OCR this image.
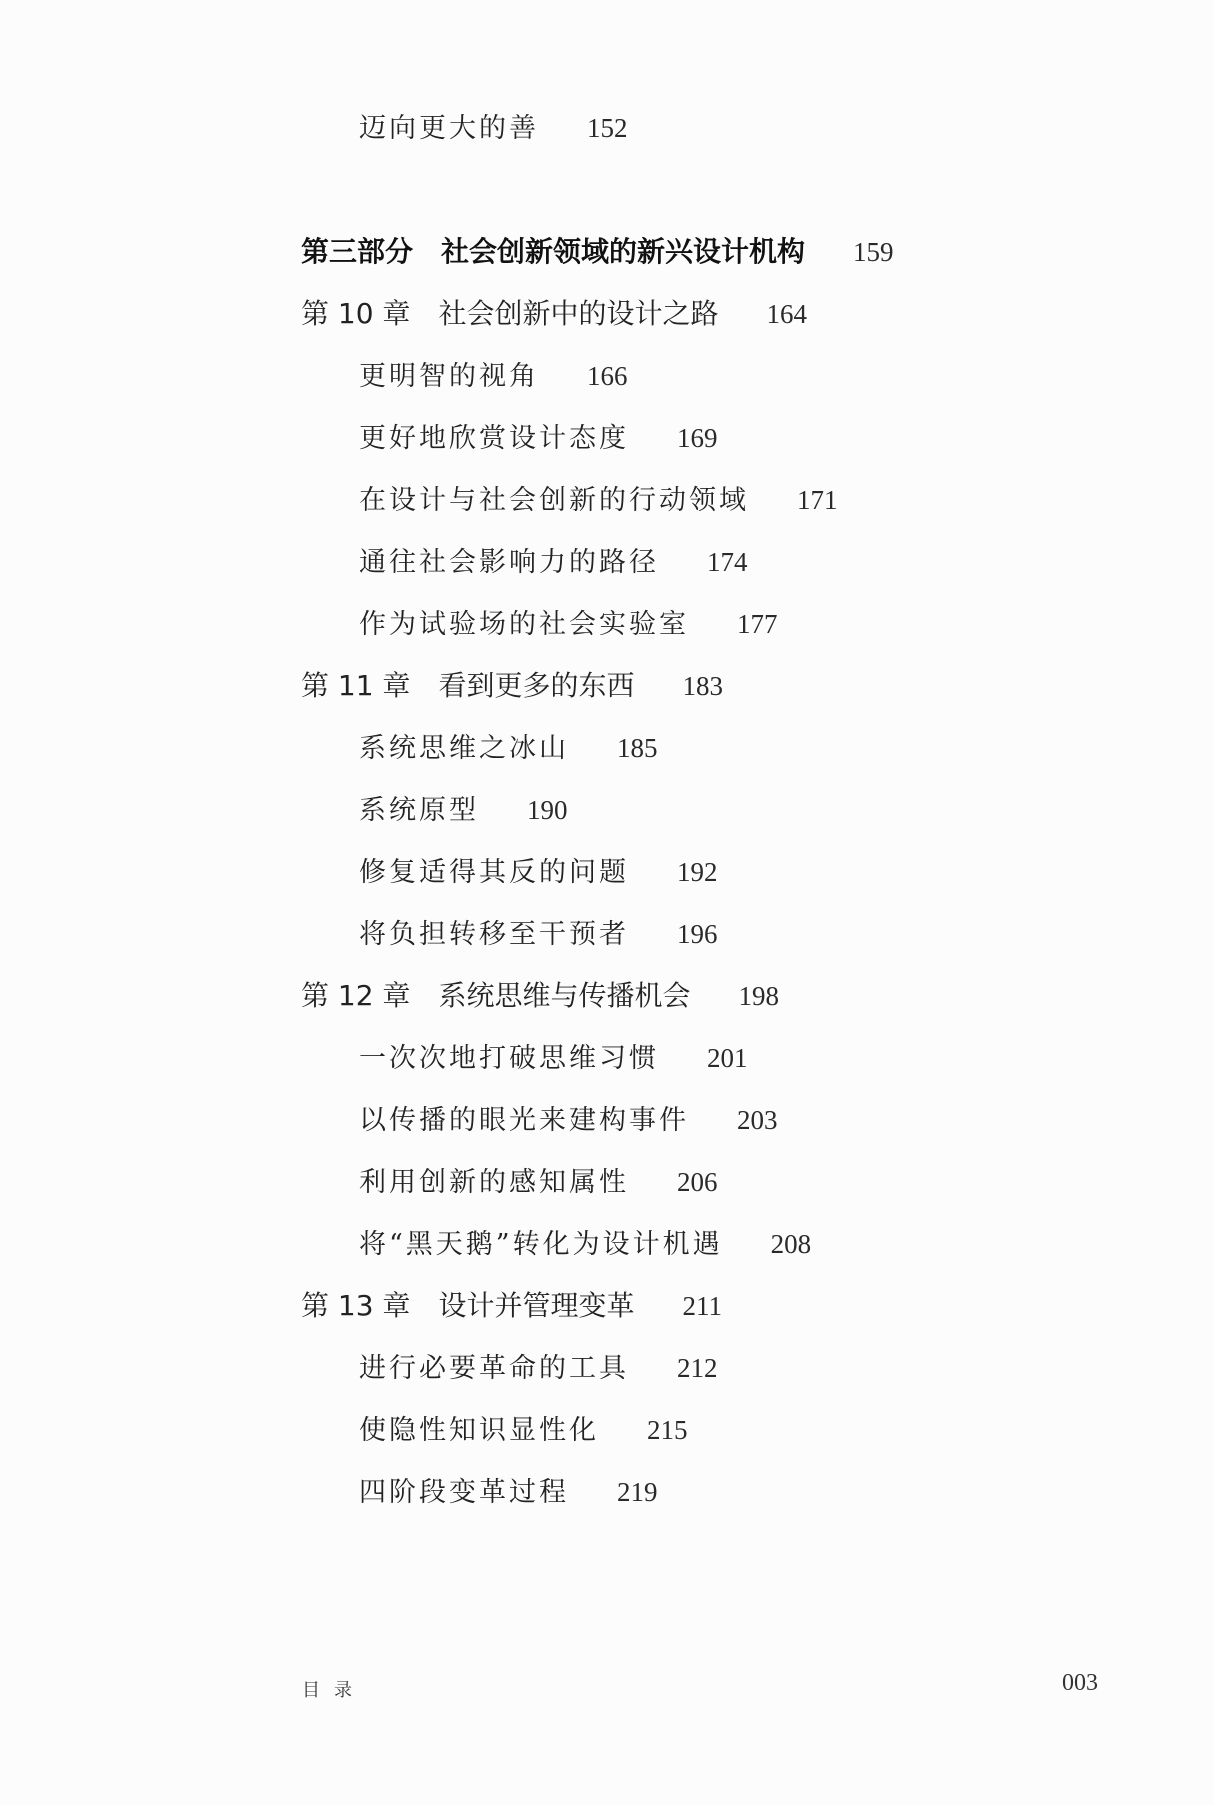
迈向更大的善 152
第三部分　社会创新领域的新兴设计机构 159
第 10 章 社会创新中的设计之路 164
更明智的视角 166
更好地欣赏设计态度 169
在设计与社会创新的行动领域 171
通往社会影响力的路径 174
作为试验场的社会实验室 177
第 11 章 看到更多的东西 183
系统思维之冰山 185
系统原型 190
修复适得其反的问题 192
将负担转移至干预者 196
第 12 章 系统思维与传播机会 198
一次次地打破思维习惯 201
以传播的眼光来建构事件 203
利用创新的感知属性 206
将“黑天鹅”转化为设计机遇 208
第 13 章 设计并管理变革 211
进行必要革命的工具 212
使隐性知识显性化 215
四阶段变革过程 219
目录	003
